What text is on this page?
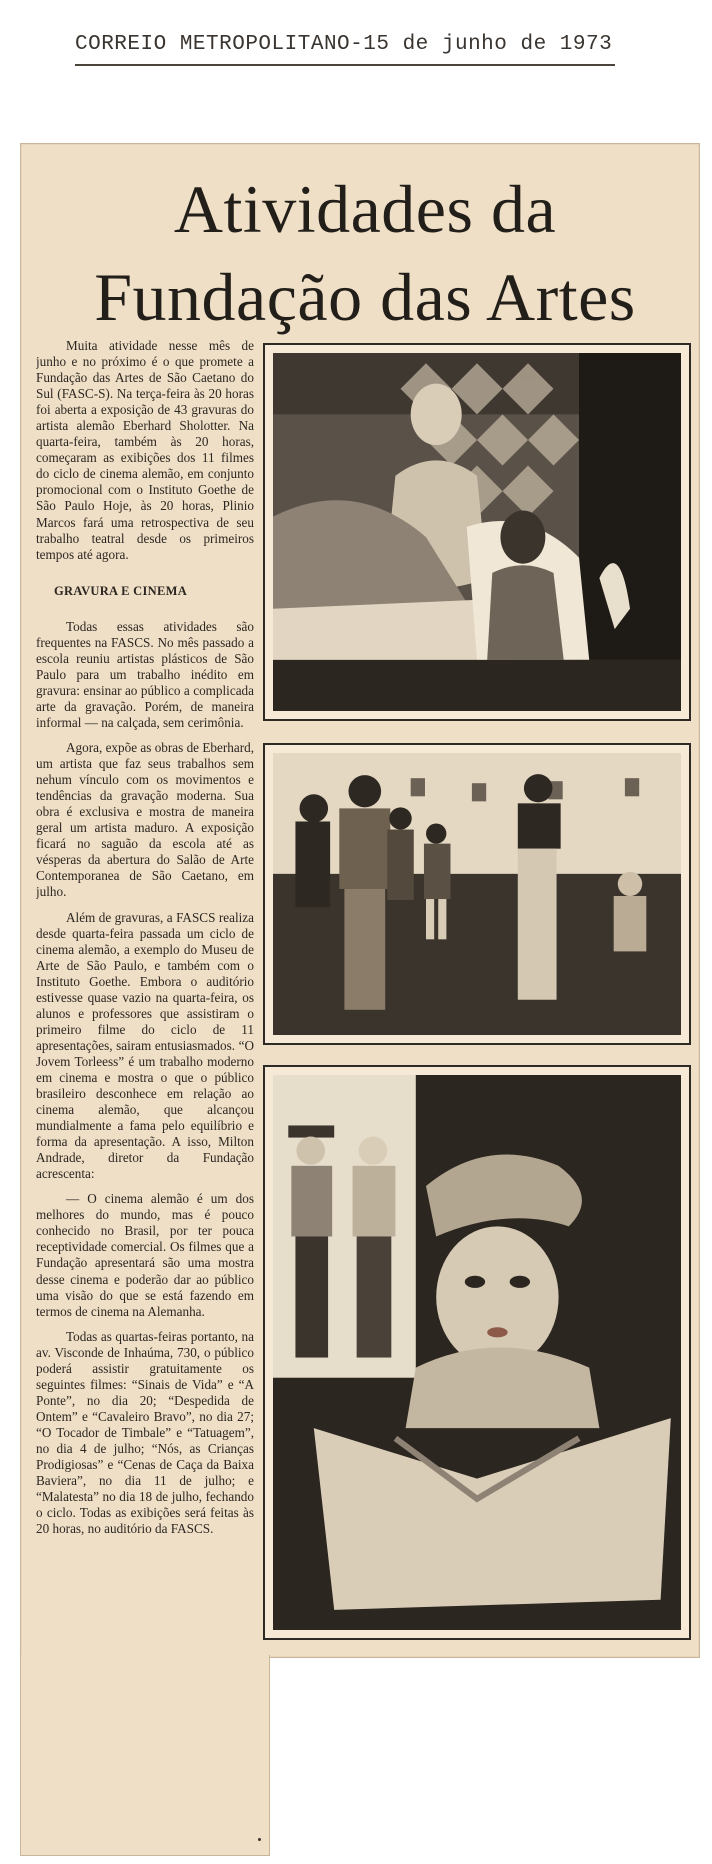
CORREIO METROPOLITANO-15 de junho de 1973
Atividades da
Fundação das Artes

Muita atividade nesse mês de junho e no próximo é o que promete a Fundação das Artes de São Caetano do Sul (FASC-S). Na terça-feira às 20 horas foi aberta a exposição de 43 gravuras do artista alemão Eberhard Sholotter. Na quarta-feira, também às 20 horas, começaram as exibições dos 11 filmes do ciclo de cinema alemão, em conjunto promocional com o Instituto Goethe de São Paulo Hoje, às 20 horas, Plinio Marcos fará uma retrospectiva de seu trabalho teatral desde os primeiros tempos até agora.

GRAVURA E CINEMA

Todas essas atividades são frequentes na FASCS. No mês passado a escola reuniu artistas plásticos de São Paulo para um trabalho inédito em gravura: ensinar ao público a complicada arte da gravação. Porém, de maneira informal — na calçada, sem cerimônia.

Agora, expõe as obras de Eberhard, um artista que faz seus trabalhos sem nehum vínculo com os movimentos e tendências da gravação moderna. Sua obra é exclusiva e mostra de maneira geral um artista maduro. A exposição ficará no saguão da escola até as vésperas da abertura do Salão de Arte Contemporanea de São Caetano, em julho.

Além de gravuras, a FASCS realiza desde quarta-feira passada um ciclo de cinema alemão, a exemplo do Museu de Arte de São Paulo, e também com o Instituto Goethe. Embora o auditório estivesse quase vazio na quarta-feira, os alunos e professores que assistiram o primeiro filme do ciclo de 11 apresentações, sairam entusiasmados. “O Jovem Torleess” é um trabalho moderno em cinema e mostra o que o público brasileiro desconhece em relação ao cinema alemão, que alcançou mundialmente a fama pelo equilíbrio e forma da apresentação. A isso, Milton Andrade, diretor da Fundação acrescenta:

— O cinema alemão é um dos melhores do mundo, mas é pouco conhecido no Brasil, por ter pouca receptividade comercial. Os filmes que a Fundação apresentará são uma mostra desse cinema e poderão dar ao público uma visão do que se está fazendo em termos de cinema na Alemanha.

Todas as quartas-feiras portanto, na av. Visconde de Inhaúma, 730, o público poderá assistir gratuitamente os seguintes filmes: “Sinais de Vida” e “A Ponte”, no dia 20; “Despedida de Ontem” e “Cavaleiro Bravo”, no dia 27; “O Tocador de Timbale” e “Tatuagem”, no dia 4 de julho; “Nós, as Crianças Prodigiosas” e “Cenas de Caça da Baixa Baviera”, no dia 11 de julho; e “Malatesta” no dia 18 de julho, fechando o ciclo. Todas as exibições será feitas às 20 horas, no auditório da FASCS.
